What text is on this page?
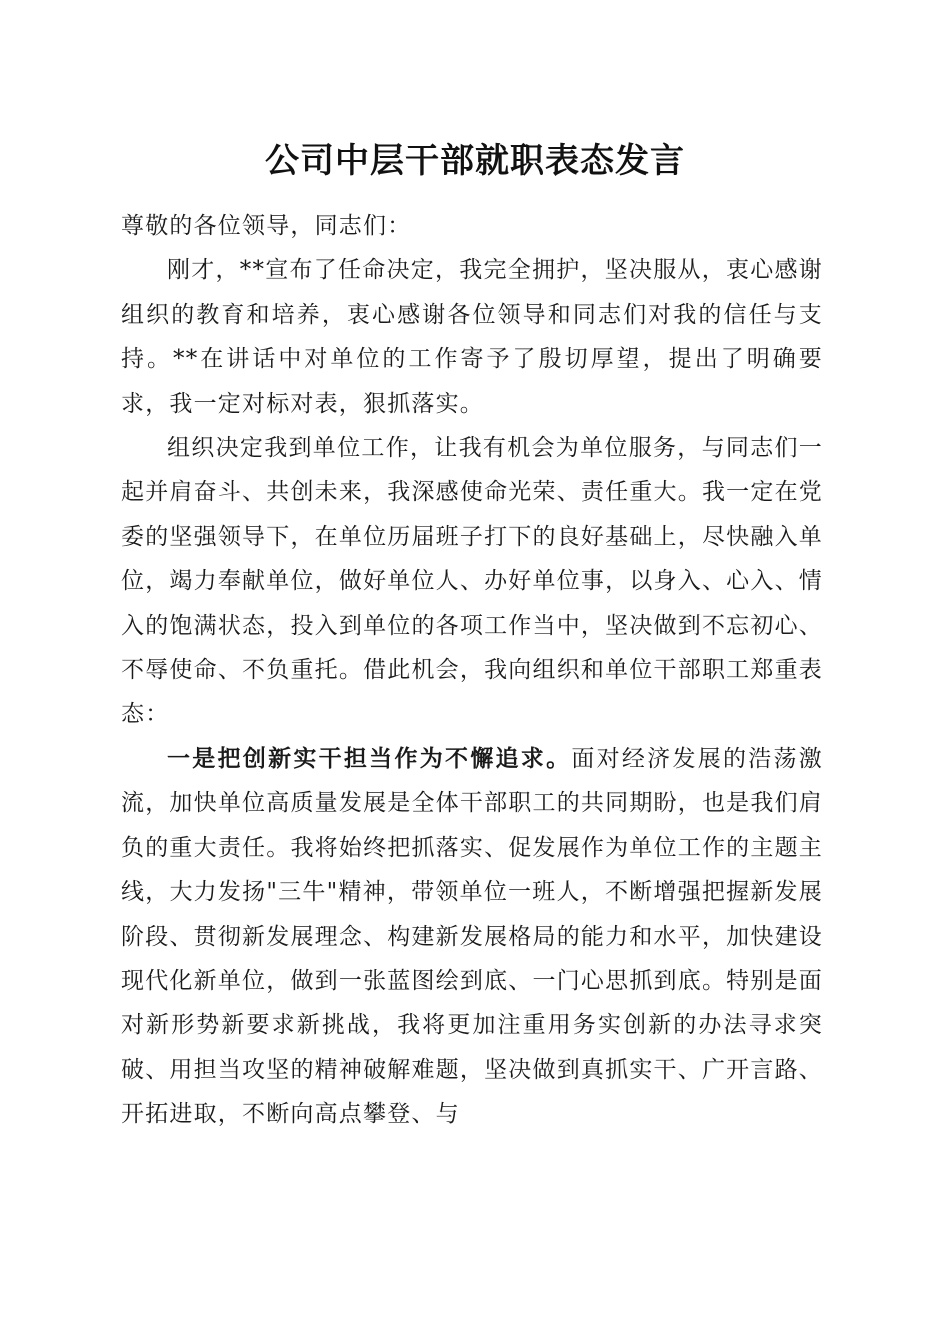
公司中层干部就职表态发言

尊敬的各位领导，同志们：

刚才，**宣布了任命决定，我完全拥护，坚决服从，衷心感谢组织的教育和培养，衷心感谢各位领导和同志们对我的信任与支持。**在讲话中对单位的工作寄予了殷切厚望，提出了明确要求，我一定对标对表，狠抓落实。

组织决定我到单位工作，让我有机会为单位服务，与同志们一起并肩奋斗、共创未来，我深感使命光荣、责任重大。我一定在党委的坚强领导下，在单位历届班子打下的良好基础上，尽快融入单位，竭力奉献单位，做好单位人、办好单位事，以身入、心入、情入的饱满状态，投入到单位的各项工作当中，坚决做到不忘初心、不辱使命、不负重托。借此机会，我向组织和单位干部职工郑重表态：

一是把创新实干担当作为不懈追求。面对经济发展的浩荡激流，加快单位高质量发展是全体干部职工的共同期盼，也是我们肩负的重大责任。我将始终把抓落实、促发展作为单位工作的主题主线，大力发扬"三牛"精神，带领单位一班人，不断增强把握新发展阶段、贯彻新发展理念、构建新发展格局的能力和水平，加快建设现代化新单位，做到一张蓝图绘到底、一门心思抓到底。特别是面对新形势新要求新挑战，我将更加注重用务实创新的办法寻求突破、用担当攻坚的精神破解难题，坚决做到真抓实干、广开言路、开拓进取，不断向高点攀登、与
